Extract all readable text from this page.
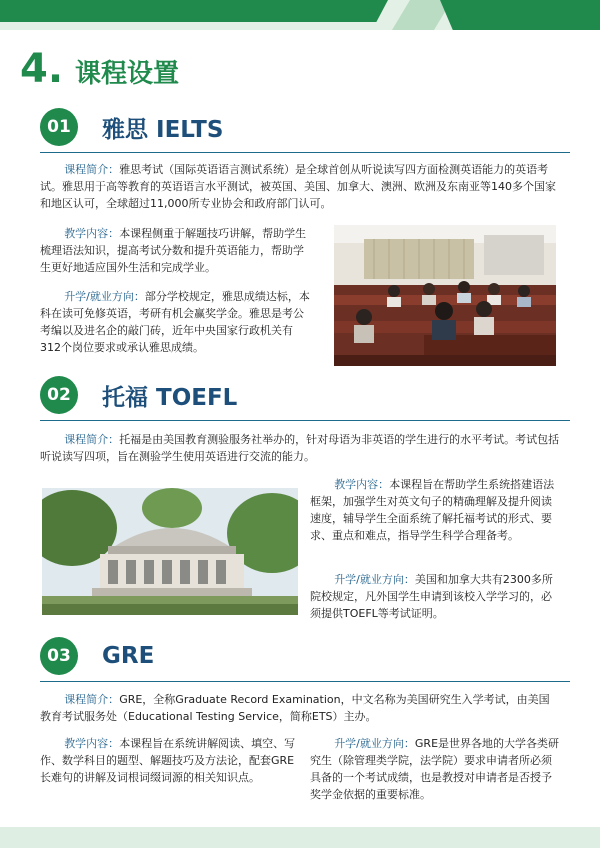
4. 课程设置
01	雅思 IELTS
课程简介：雅思考试（国际英语语言测试系统）是全球首创从听说读写四方面检测英语能力的英语考试。雅思用于高等教育的英语语言水平测试，被英国、美国、加拿大、澳洲、欧洲及东南亚等140多个国家和地区认可，全球超过11,000所专业协会和政府部门认可。
教学内容：本课程侧重于解题技巧讲解，帮助学生梳理语法知识，提高考试分数和提升英语能力，帮助学生更好地适应国外生活和完成学业。
升学/就业方向：部分学校规定，雅思成绩达标，本科在读可免修英语，考研有机会赢奖学金。雅思是考公考编以及进名企的敲门砖，近年中央国家行政机关有312个岗位要求或承认雅思成绩。
02	托福 TOEFL
课程简介：托福是由美国教育测验服务社举办的，针对母语为非英语的学生进行的水平考试。考试包括听说读写四项，旨在测验学生使用英语进行交流的能力。
教学内容：本课程旨在帮助学生系统搭建语法框架，加强学生对英文句子的精确理解及提升阅读速度，辅导学生全面系统了解托福考试的形式、要求、重点和难点，指导学生科学合理备考。
升学/就业方向：美国和加拿大共有2300多所院校规定，凡外国学生申请到该校入学学习的，必须提供TOEFL等考试证明。
03	GRE
课程简介：GRE，全称Graduate Record Examination，中文名称为美国研究生入学考试，由美国教育考试服务处（Educational Testing Service，简称ETS）主办。
教学内容：本课程旨在系统讲解阅读、填空、写作、数学科目的题型、解题技巧及方法论，配套GRE长难句的讲解及词根词缀词源的相关知识点。
升学/就业方向：GRE是世界各地的大学各类研究生（除管理类学院，法学院）要求申请者所必须具备的一个考试成绩，也是教授对申请者是否授予奖学金依据的重要标准。
